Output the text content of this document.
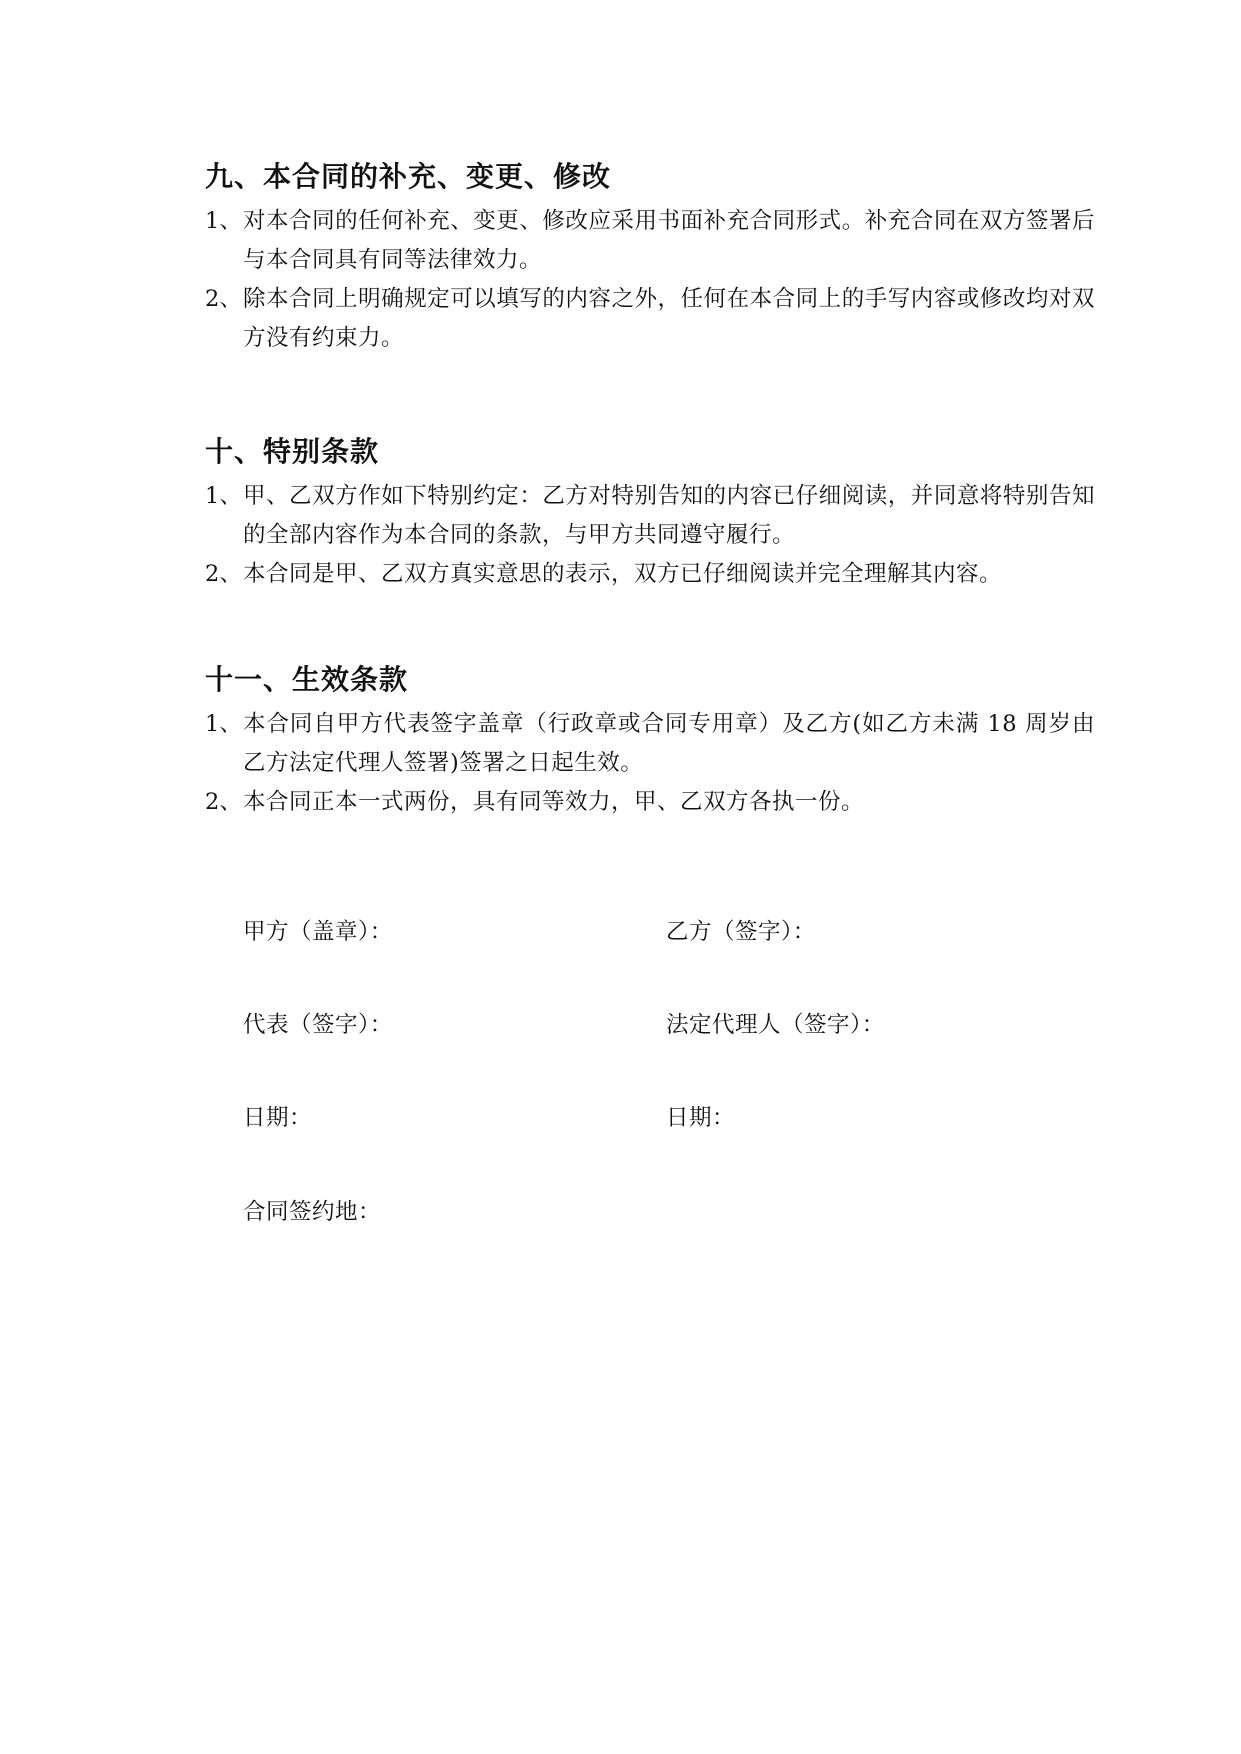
九、本合同的补充、变更、修改
1、 对本合同的任何补充、变更、修改应采用书面补充合同形式。补充合同在双方签署后与本合同具有同等法律效力。
2、 除本合同上明确规定可以填写的内容之外，任何在本合同上的手写内容或修改均对双方没有约束力。
十、特别条款
1、 甲、乙双方作如下特别约定：乙方对特别告知的内容已仔细阅读，并同意将特别告知的全部内容作为本合同的条款，与甲方共同遵守履行。
2、 本合同是甲、乙双方真实意思的表示，双方已仔细阅读并完全理解其内容。
十一、生效条款
1、 本合同自甲方代表签字盖章（行政章或合同专用章）及乙方(如乙方未满 18 周岁由乙方法定代理人签署)签署之日起生效。
2、 本合同正本一式两份，具有同等效力，甲、乙双方各执一份。
甲方（盖章）：	乙方（签字）：
代表（签字）：	法定代理人（签字）：
日期：	日期：
合同签约地：
